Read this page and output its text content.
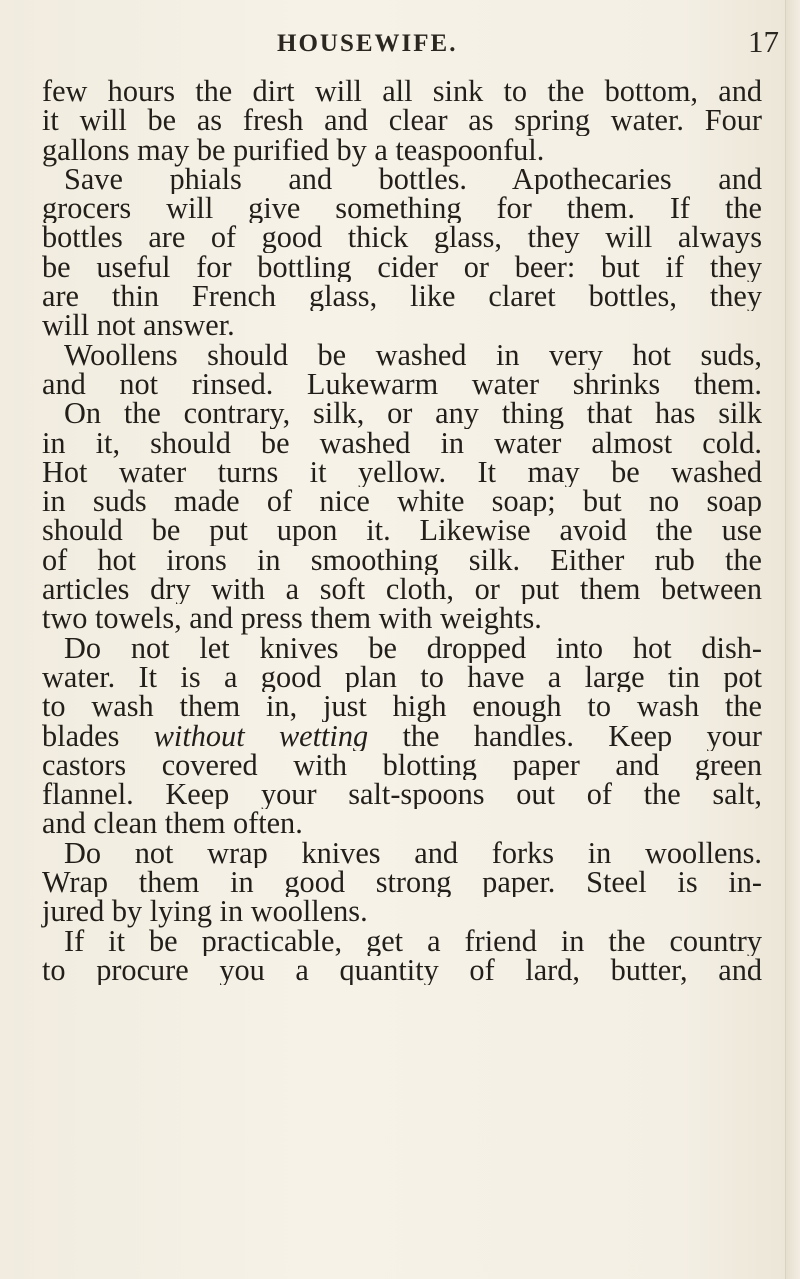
HOUSEWIFE.	17
few hours the dirt will all sink to the bottom, and
it will be as fresh and clear as spring water. Four
gallons may be purified by a teaspoonful.
Save phials and bottles. Apothecaries and
grocers will give something for them. If the
bottles are of good thick glass, they will always
be useful for bottling cider or beer: but if they
are thin French glass, like claret bottles, they
will not answer.
Woollens should be washed in very hot suds,
and not rinsed. Lukewarm water shrinks them.
On the contrary, silk, or any thing that has silk
in it, should be washed in water almost cold.
Hot water turns it yellow. It may be washed
in suds made of nice white soap; but no soap
should be put upon it. Likewise avoid the use
of hot irons in smoothing silk. Either rub the
articles dry with a soft cloth, or put them between
two towels, and press them with weights.
Do not let knives be dropped into hot dish-
water. It is a good plan to have a large tin pot
to wash them in, just high enough to wash the
blades without wetting the handles. Keep your
castors covered with blotting paper and green
flannel. Keep your salt-spoons out of the salt,
and clean them often.
Do not wrap knives and forks in woollens.
Wrap them in good strong paper. Steel is in-
jured by lying in woollens.
If it be practicable, get a friend in the country
to procure you a quantity of lard, butter, and
